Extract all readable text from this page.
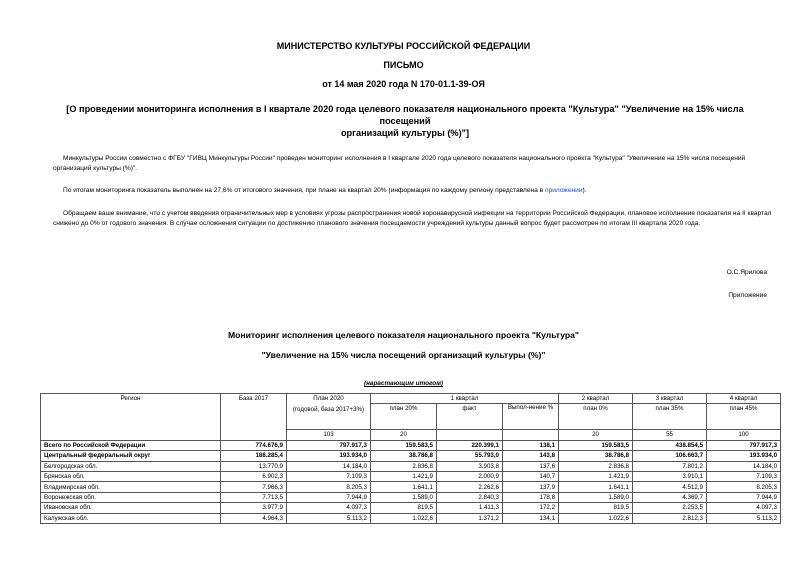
МИНИСТЕРСТВО КУЛЬТУРЫ РОССИЙСКОЙ ФЕДЕРАЦИИ
ПИСЬМО
от 14 мая 2020 года N 170-01.1-39-ОЯ
[О проведении мониторинга исполнения в I квартале 2020 года целевого показателя национального проекта "Культура" "Увеличение на 15% числа посещений
организаций культуры (%)"]
Минкультуры России совместно с ФГБУ "ГИВЦ Минкультуры России" проведен мониторинг исполнения в I квартале 2020 года целевого показателя национального проекта "Культура" "Увеличение на 15% числа посещений организаций культуры (%)".
По итогам мониторинга показатель выполнен на 27,6% от итогового значения, при плане на квартал 20% (информация по каждому региону представлена в приложении).
Обращаем ваше внимание, что с учетом введения ограничительных мер в условиях угрозы распространения новой коронавирусной инфекции на территории Российской Федерации, плановое исполнение показателя на II квартал снижено до 0% от годового значения. В случае осложнения ситуации по достижению планового значения посещаемости учреждений культуры данный вопрос будет рассмотрен по итогам III квартала 2020 года.
О.С.Ярилова
Приложение
Мониторинг исполнения целевого показателя национального проекта "Культура"
"Увеличение на 15% числа посещений организаций культуры (%)"
(нарастающим итогом)
Регион	База 2017	План 2020
(годовой, база 2017+3%)	1 квартал			2 квартал	3 квартал	4 квартал
			план 20%	факт	Выпол-нение %	план 0%	план 35%	план 45%
		103	20			20	55	100
Всего по Российской Федерации	774.676,9	797.917,3	159.583,5	220.399,1	138,1	159.583,5	438.854,5	797.917,3
Центральный федеральный округ	188.285,4	193.934,0	38.786,8	55.793,0	143,8	38.786,8	106.663,7	193.934,0
Белгородская обл.	13.770,9	14.184,0	2.836,8	3.903,8	137,6	2.836,8	7.801,2	14.184,0
Брянская обл.	6.902,3	7.109,3	1.421,9	2.000,9	140,7	1.421,9	3.910,1	7.109,3
Владимирская обл.	7.966,3	8.205,3	1.641,1	2.262,6	137,9	1.641,1	4.512,9	8.205,3
Воронежская обл.	7.713,5	7.944,9	1.589,0	2.840,3	178,8	1.589,0	4.369,7	7.944,9
Ивановская обл.	3.977,9	4.097,3	819,5	1.411,3	172,2	819,5	2.253,5	4.097,3
Калужская обл.	4.964,3	5.113,2	1.022,6	1.371,2	134,1	1.022,6	2.812,3	5.113,2
